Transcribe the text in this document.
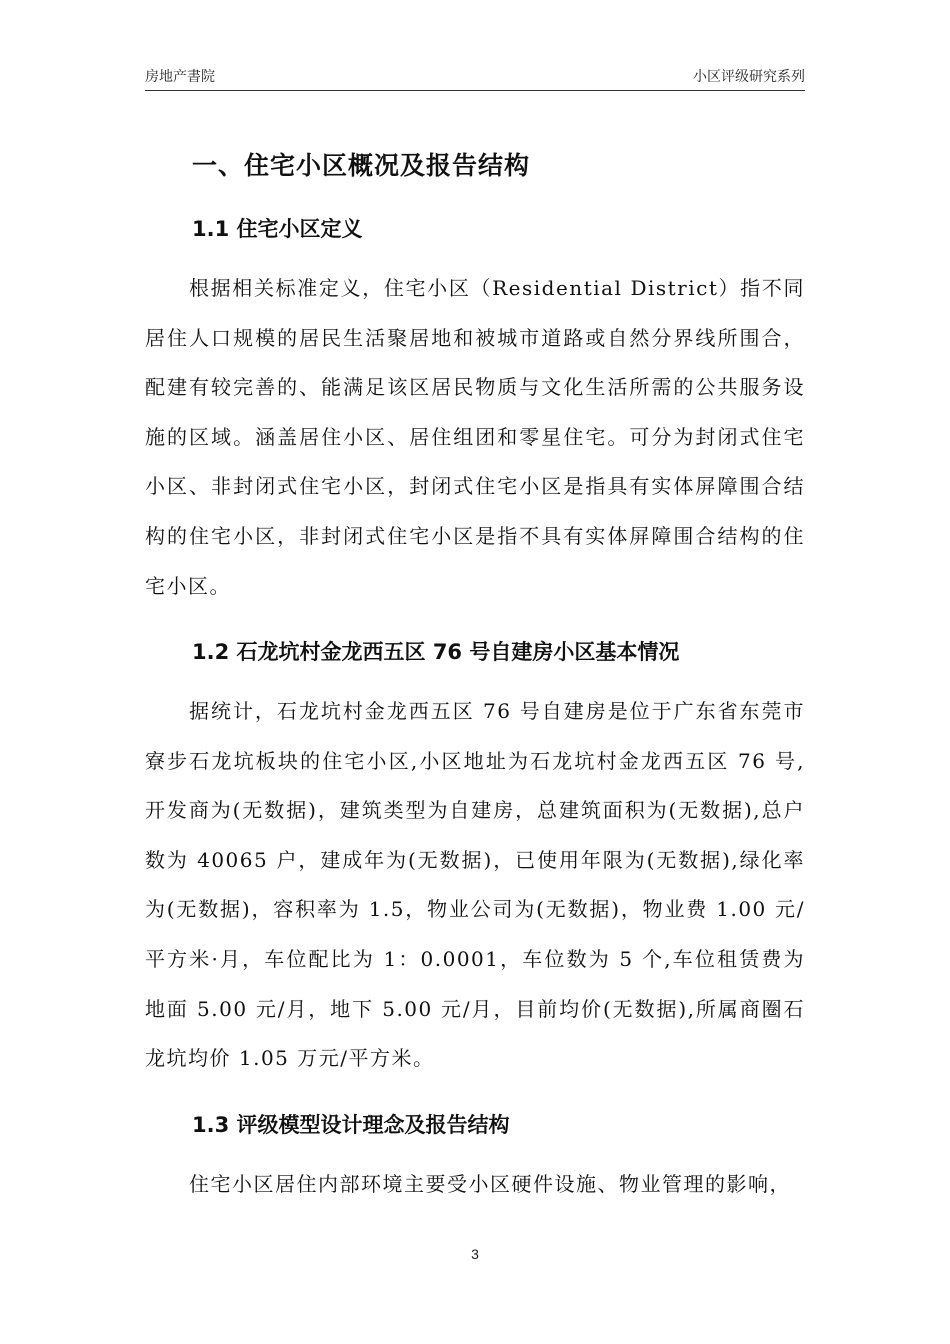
房地产書院	小区评级研究系列
一、住宅小区概况及报告结构
1.1 住宅小区定义
根据相关标准定义，住宅小区（Residential District）指不同居住人口规模的居民生活聚居地和被城市道路或自然分界线所围合，配建有较完善的、能满足该区居民物质与文化生活所需的公共服务设施的区域。涵盖居住小区、居住组团和零星住宅。可分为封闭式住宅小区、非封闭式住宅小区，封闭式住宅小区是指具有实体屏障围合结构的住宅小区，非封闭式住宅小区是指不具有实体屏障围合结构的住宅小区。
1.2 石龙坑村金龙西五区 76 号自建房小区基本情况
据统计，石龙坑村金龙西五区 76 号自建房是位于广东省东莞市寮步石龙坑板块的住宅小区,小区地址为石龙坑村金龙西五区 76 号,开发商为(无数据)，建筑类型为自建房，总建筑面积为(无数据),总户数为 40065 户，建成年为(无数据)，已使用年限为(无数据),绿化率为(无数据)，容积率为 1.5，物业公司为(无数据)，物业费 1.00 元/平方米·月，车位配比为 1：0.0001，车位数为 5 个,车位租赁费为地面 5.00 元/月，地下 5.00 元/月，目前均价(无数据),所属商圈石龙坑均价 1.05 万元/平方米。
1.3 评级模型设计理念及报告结构
住宅小区居住内部环境主要受小区硬件设施、物业管理的影响，
3
